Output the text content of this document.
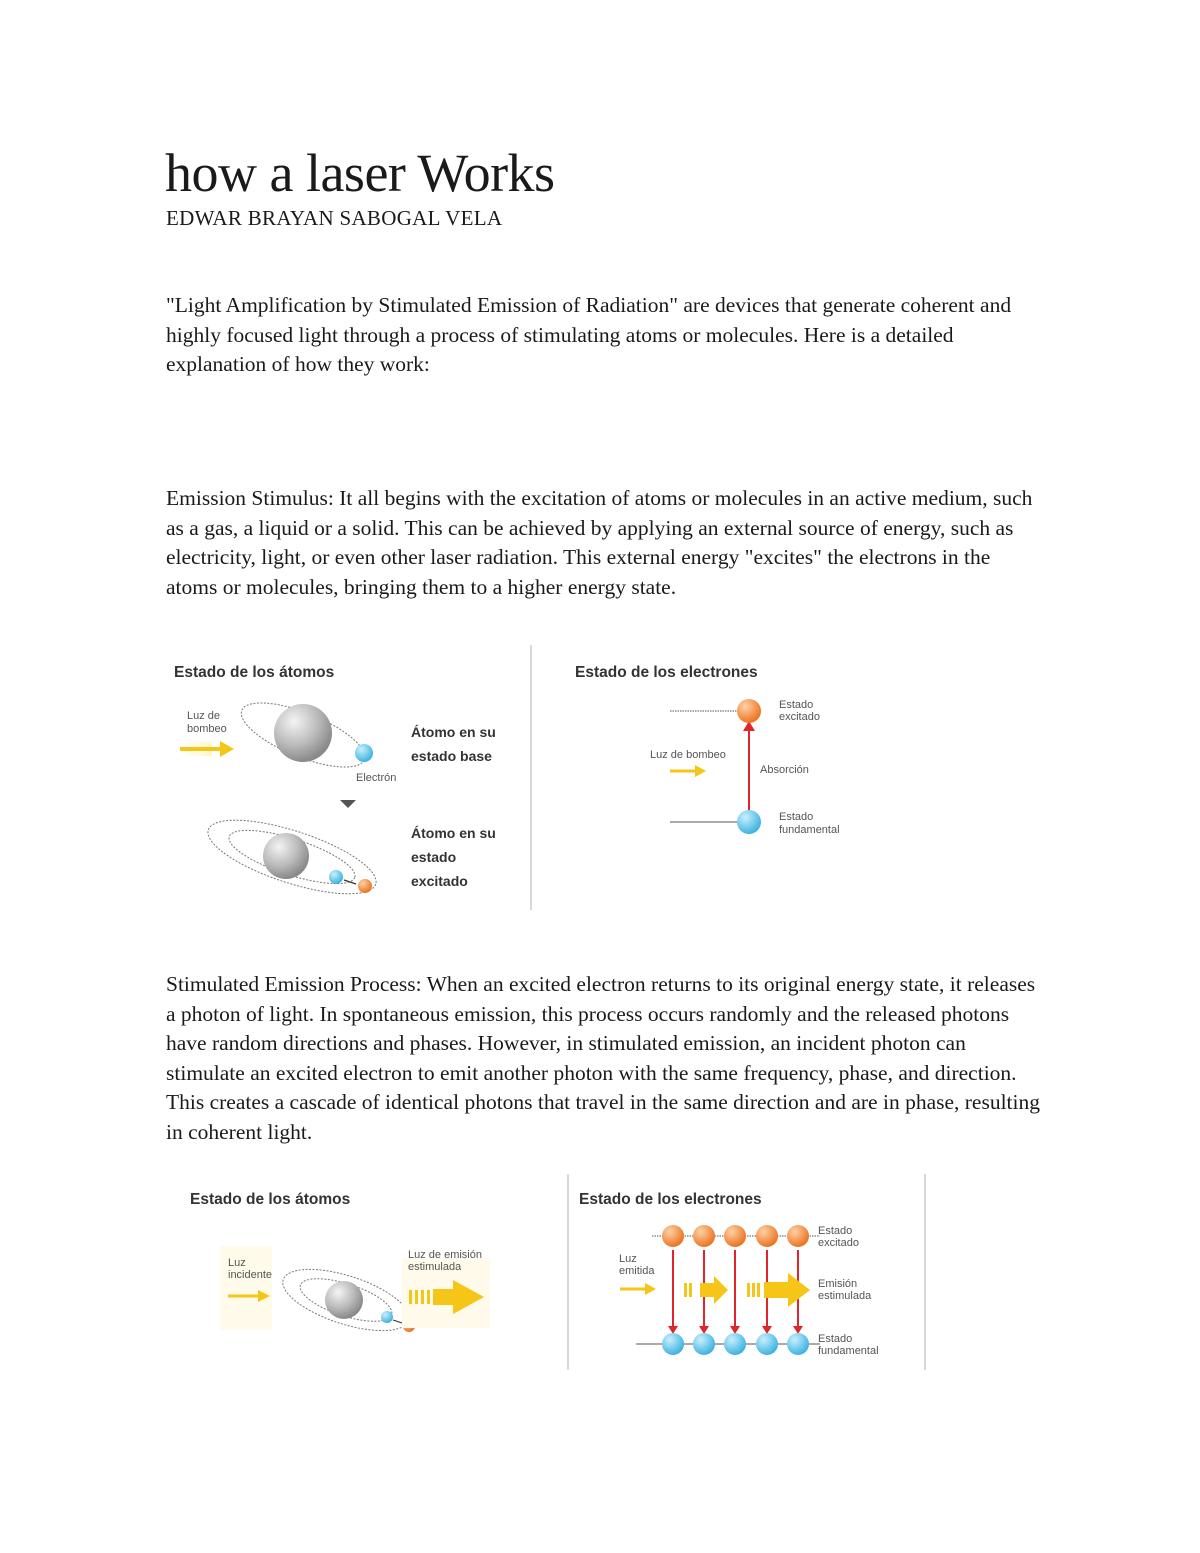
how a laser Works
EDWAR BRAYAN SABOGAL VELA

"Light Amplification by Stimulated Emission of Radiation" are devices that generate coherent and highly focused light through a process of stimulating atoms or molecules. Here is a detailed explanation of how they work:

Emission Stimulus: It all begins with the excitation of atoms or molecules in an active medium, such as a gas, a liquid or a solid. This can be achieved by applying an external source of energy, such as electricity, light, or even other laser radiation. This external energy "excites" the electrons in the atoms or molecules, bringing them to a higher energy state.

Estado de los átomos	Estado de los electrones
Luz de
bombeo
Electrón
Átomo en su
estado base
Átomo en su
estado
excitado
Estado
excitado
Luz de bombeo
Absorción
Estado
fundamental

Stimulated Emission Process: When an excited electron returns to its original energy state, it releases a photon of light. In spontaneous emission, this process occurs randomly and the released photons have random directions and phases. However, in stimulated emission, an incident photon can stimulate an excited electron to emit another photon with the same frequency, phase, and direction. This creates a cascade of identical photons that travel in the same direction and are in phase, resulting in coherent light.

Estado de los átomos	Estado de los electrones
Luz
incidente
Luz de emisión
estimulada
Luz
emitida
Estado
excitado
Emisión
estimulada
Estado
fundamental
